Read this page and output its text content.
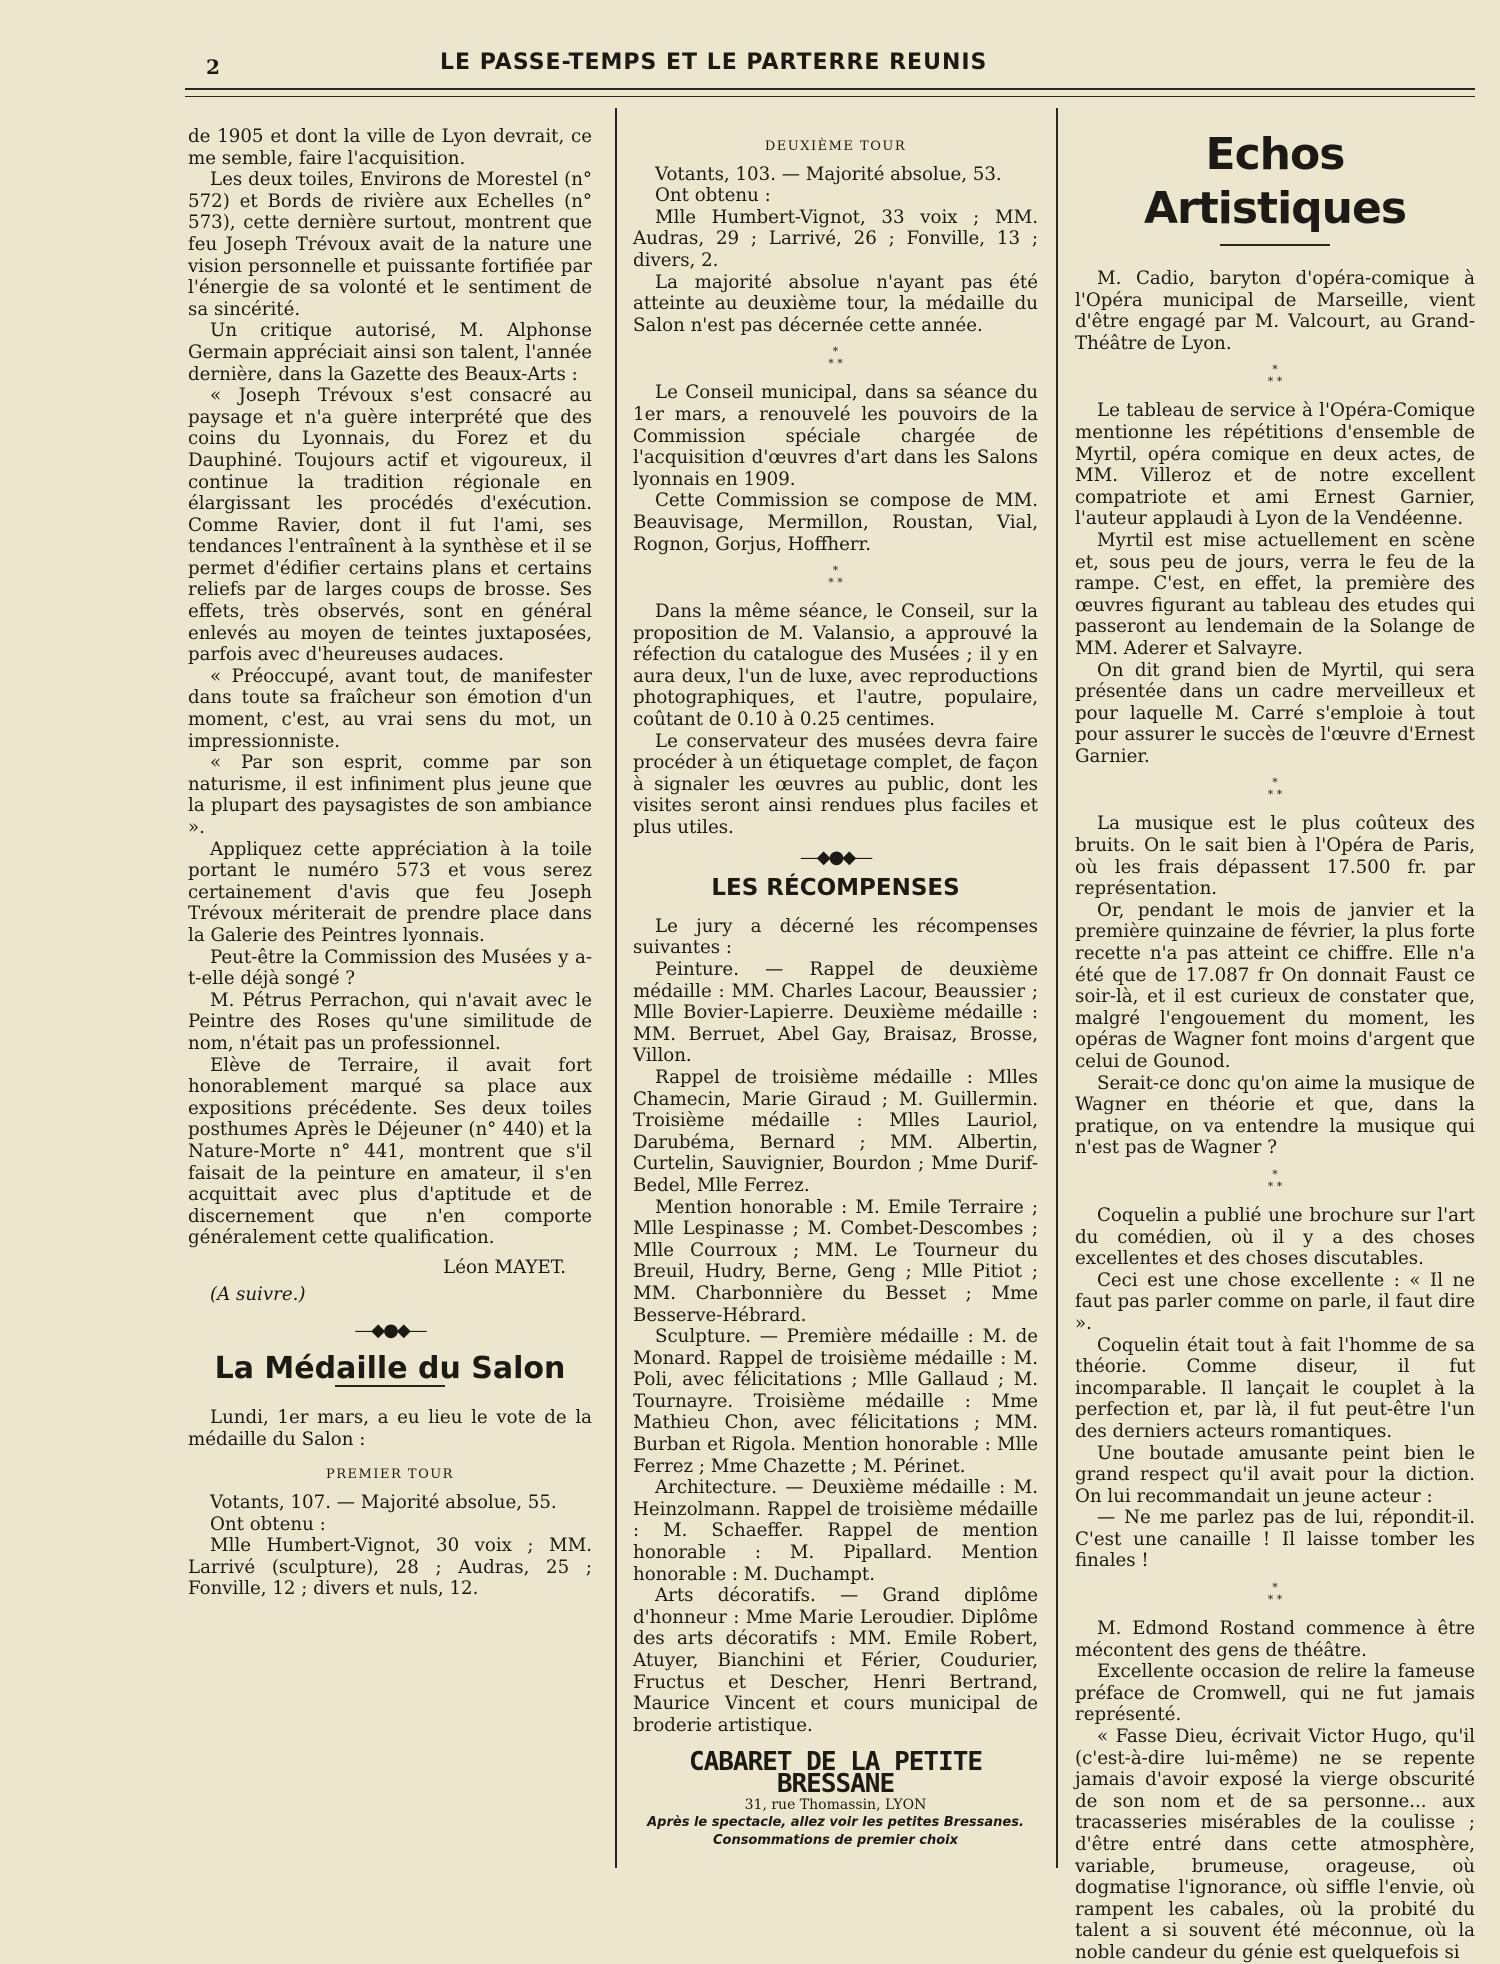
2	LE PASSE-TEMPS ET LE PARTERRE REUNIS

de 1905 et dont la ville de Lyon devrait, ce me semble, faire l'acquisition.

Les deux toiles, Environs de Morestel (n° 572) et Bords de rivière aux Echelles (n° 573), cette dernière surtout, montrent que feu Joseph Trévoux avait de la nature une vision personnelle et puissante fortifiée par l'énergie de sa volonté et le sentiment de sa sincérité.

Un critique autorisé, M. Alphonse Germain appréciait ainsi son talent, l'année dernière, dans la Gazette des Beaux-Arts :

« Joseph Trévoux s'est consacré au paysage et n'a guère interprété que des coins du Lyonnais, du Forez et du Dauphiné. Toujours actif et vigoureux, il continue la tradition régionale en élargissant les procédés d'exécution. Comme Ravier, dont il fut l'ami, ses tendances l'entraînent à la synthèse et il se permet d'édifier certains plans et certains reliefs par de larges coups de brosse. Ses effets, très observés, sont en général enlevés au moyen de teintes juxtaposées, parfois avec d'heureuses audaces.

« Préoccupé, avant tout, de manifester dans toute sa fraîcheur son émotion d'un moment, c'est, au vrai sens du mot, un impressionniste.

« Par son esprit, comme par son naturisme, il est infiniment plus jeune que la plupart des paysagistes de son ambiance ».

Appliquez cette appréciation à la toile portant le numéro 573 et vous serez certainement d'avis que feu Joseph Trévoux mériterait de prendre place dans la Galerie des Peintres lyonnais.

Peut-être la Commission des Musées y a-t-elle déjà songé ?

M. Pétrus Perrachon, qui n'avait avec le Peintre des Roses qu'une similitude de nom, n'était pas un professionnel.

Elève de Terraire, il avait fort honorablement marqué sa place aux expositions précédente. Ses deux toiles posthumes Après le Déjeuner (n° 440) et la Nature-Morte n° 441, montrent que s'il faisait de la peinture en amateur, il s'en acquittait avec plus d'aptitude et de discernement que n'en comporte généralement cette qualification.

Léon MAYET.

(A suivre.)

―◆●◆―
La Médaille du Salon

Lundi, 1er mars, a eu lieu le vote de la médaille du Salon :

PREMIER TOUR

Votants, 107. — Majorité absolue, 55.

Ont obtenu :

Mlle Humbert-Vignot, 30 voix ; MM. Larrivé (sculpture), 28 ; Audras, 25 ; Fonville, 12 ; divers et nuls, 12.

DEUXIÈME TOUR

Votants, 103. — Majorité absolue, 53.

Ont obtenu :

Mlle Humbert-Vignot, 33 voix ; MM. Audras, 29 ; Larrivé, 26 ; Fonville, 13 ; divers, 2.

La majorité absolue n'ayant pas été atteinte au deuxième tour, la médaille du Salon n'est pas décernée cette année.

*
* *

Le Conseil municipal, dans sa séance du 1er mars, a renouvelé les pouvoirs de la Commission spéciale chargée de l'acquisition d'œuvres d'art dans les Salons lyonnais en 1909.

Cette Commission se compose de MM. Beauvisage, Mermillon, Roustan, Vial, Rognon, Gorjus, Hoffherr.

*
* *

Dans la même séance, le Conseil, sur la proposition de M. Valansio, a approuvé la réfection du catalogue des Musées ; il y en aura deux, l'un de luxe, avec reproductions photographiques, et l'autre, populaire, coûtant de 0.10 à 0.25 centimes.

Le conservateur des musées devra faire procéder à un étiquetage complet, de façon à signaler les œuvres au public, dont les visites seront ainsi rendues plus faciles et plus utiles.

―◆●◆―
LES RÉCOMPENSES

Le jury a décerné les récompenses suivantes :

Peinture. — Rappel de deuxième médaille : MM. Charles Lacour, Beaussier ; Mlle Bovier-Lapierre. Deuxième médaille : MM. Berruet, Abel Gay, Braisaz, Brosse, Villon.

Rappel de troisième médaille : Mlles Chamecin, Marie Giraud ; M. Guillermin. Troisième médaille : Mlles Lauriol, Darubéma, Bernard ; MM. Albertin, Curtelin, Sauvignier, Bourdon ; Mme Durif-Bedel, Mlle Ferrez.

Mention honorable : M. Emile Terraire ; Mlle Lespinasse ; M. Combet-Descombes ; Mlle Courroux ; MM. Le Tourneur du Breuil, Hudry, Berne, Geng ; Mlle Pitiot ; MM. Charbonnière du Besset ; Mme Besserve-Hébrard.

Sculpture. — Première médaille : M. de Monard. Rappel de troisième médaille : M. Poli, avec félicitations ; Mlle Gallaud ; M. Tournayre. Troisième médaille : Mme Mathieu Chon, avec félicitations ; MM. Burban et Rigola. Mention honorable : Mlle Ferrez ; Mme Chazette ; M. Périnet.

Architecture. — Deuxième médaille : M. Heinzolmann. Rappel de troisième médaille : M. Schaeffer. Rappel de mention honorable : M. Pipallard. Mention honorable : M. Duchampt.

Arts décoratifs. — Grand diplôme d'honneur : Mme Marie Leroudier. Diplôme des arts décoratifs : MM. Emile Robert, Atuyer, Bianchini et Férier, Coudurier, Fructus et Descher, Henri Bertrand, Maurice Vincent et cours municipal de broderie artistique.

CABARET DE LA PETITE BRESSANE
31, rue Thomassin, LYON
Après le spectacle, allez voir les petites Bressanes.
Consommations de premier choix
Echos Artistiques

M. Cadio, baryton d'opéra-comique à l'Opéra municipal de Marseille, vient d'être engagé par M. Valcourt, au Grand-Théâtre de Lyon.

*
* *

Le tableau de service à l'Opéra-Comique mentionne les répétitions d'ensemble de Myrtil, opéra comique en deux actes, de MM. Villeroz et de notre excellent compatriote et ami Ernest Garnier, l'auteur applaudi à Lyon de la Vendéenne.

Myrtil est mise actuellement en scène et, sous peu de jours, verra le feu de la rampe. C'est, en effet, la première des œuvres figurant au tableau des etudes qui passeront au lendemain de la Solange de MM. Aderer et Salvayre.

On dit grand bien de Myrtil, qui sera présentée dans un cadre merveilleux et pour laquelle M. Carré s'emploie à tout pour assurer le succès de l'œuvre d'Ernest Garnier.

*
* *

La musique est le plus coûteux des bruits. On le sait bien à l'Opéra de Paris, où les frais dépassent 17.500 fr. par représentation.

Or, pendant le mois de janvier et la première quinzaine de février, la plus forte recette n'a pas atteint ce chiffre. Elle n'a été que de 17.087 fr On donnait Faust ce soir-là, et il est curieux de constater que, malgré l'engouement du moment, les opéras de Wagner font moins d'argent que celui de Gounod.

Serait-ce donc qu'on aime la musique de Wagner en théorie et que, dans la pratique, on va entendre la musique qui n'est pas de Wagner ?

*
* *

Coquelin a publié une brochure sur l'art du comédien, où il y a des choses excellentes et des choses discutables.

Ceci est une chose excellente : « Il ne faut pas parler comme on parle, il faut dire ».

Coquelin était tout à fait l'homme de sa théorie. Comme diseur, il fut incomparable. Il lançait le couplet à la perfection et, par là, il fut peut-être l'un des derniers acteurs romantiques.

Une boutade amusante peint bien le grand respect qu'il avait pour la diction. On lui recommandait un jeune acteur :

— Ne me parlez pas de lui, répondit-il. C'est une canaille ! Il laisse tomber les finales !

*
* *

M. Edmond Rostand commence à être mécontent des gens de théâtre.

Excellente occasion de relire la fameuse préface de Cromwell, qui ne fut jamais représenté.

« Fasse Dieu, écrivait Victor Hugo, qu'il (c'est-à-dire lui-même) ne se repente jamais d'avoir exposé la vierge obscurité de son nom et de sa personne... aux tracasseries misérables de la coulisse ; d'être entré dans cette atmosphère, variable, brumeuse, orageuse, où dogmatise l'ignorance, où siffle l'envie, où rampent les cabales, où la probité du talent a si souvent été méconnue, où la noble candeur du génie est quelquefois si
